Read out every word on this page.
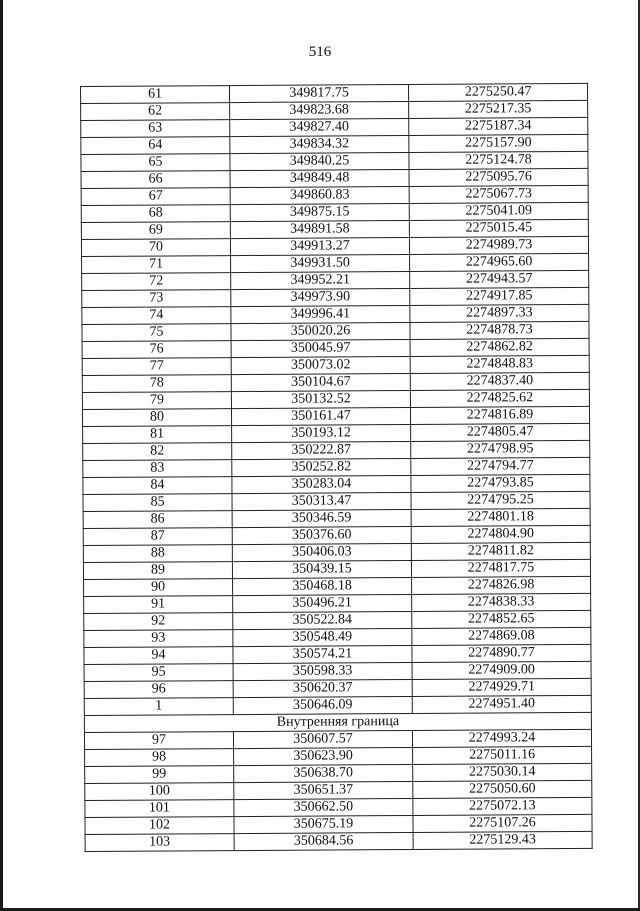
516
61	349817.75	2275250.47
62	349823.68	2275217.35
63	349827.40	2275187.34
64	349834.32	2275157.90
65	349840.25	2275124.78
66	349849.48	2275095.76
67	349860.83	2275067.73
68	349875.15	2275041.09
69	349891.58	2275015.45
70	349913.27	2274989.73
71	349931.50	2274965.60
72	349952.21	2274943.57
73	349973.90	2274917.85
74	349996.41	2274897.33
75	350020.26	2274878.73
76	350045.97	2274862.82
77	350073.02	2274848.83
78	350104.67	2274837.40
79	350132.52	2274825.62
80	350161.47	2274816.89
81	350193.12	2274805.47
82	350222.87	2274798.95
83	350252.82	2274794.77
84	350283.04	2274793.85
85	350313.47	2274795.25
86	350346.59	2274801.18
87	350376.60	2274804.90
88	350406.03	2274811.82
89	350439.15	2274817.75
90	350468.18	2274826.98
91	350496.21	2274838.33
92	350522.84	2274852.65
93	350548.49	2274869.08
94	350574.21	2274890.77
95	350598.33	2274909.00
96	350620.37	2274929.71
1	350646.09	2274951.40
Внутренняя граница		
97	350607.57	2274993.24
98	350623.90	2275011.16
99	350638.70	2275030.14
100	350651.37	2275050.60
101	350662.50	2275072.13
102	350675.19	2275107.26
103	350684.56	2275129.43
